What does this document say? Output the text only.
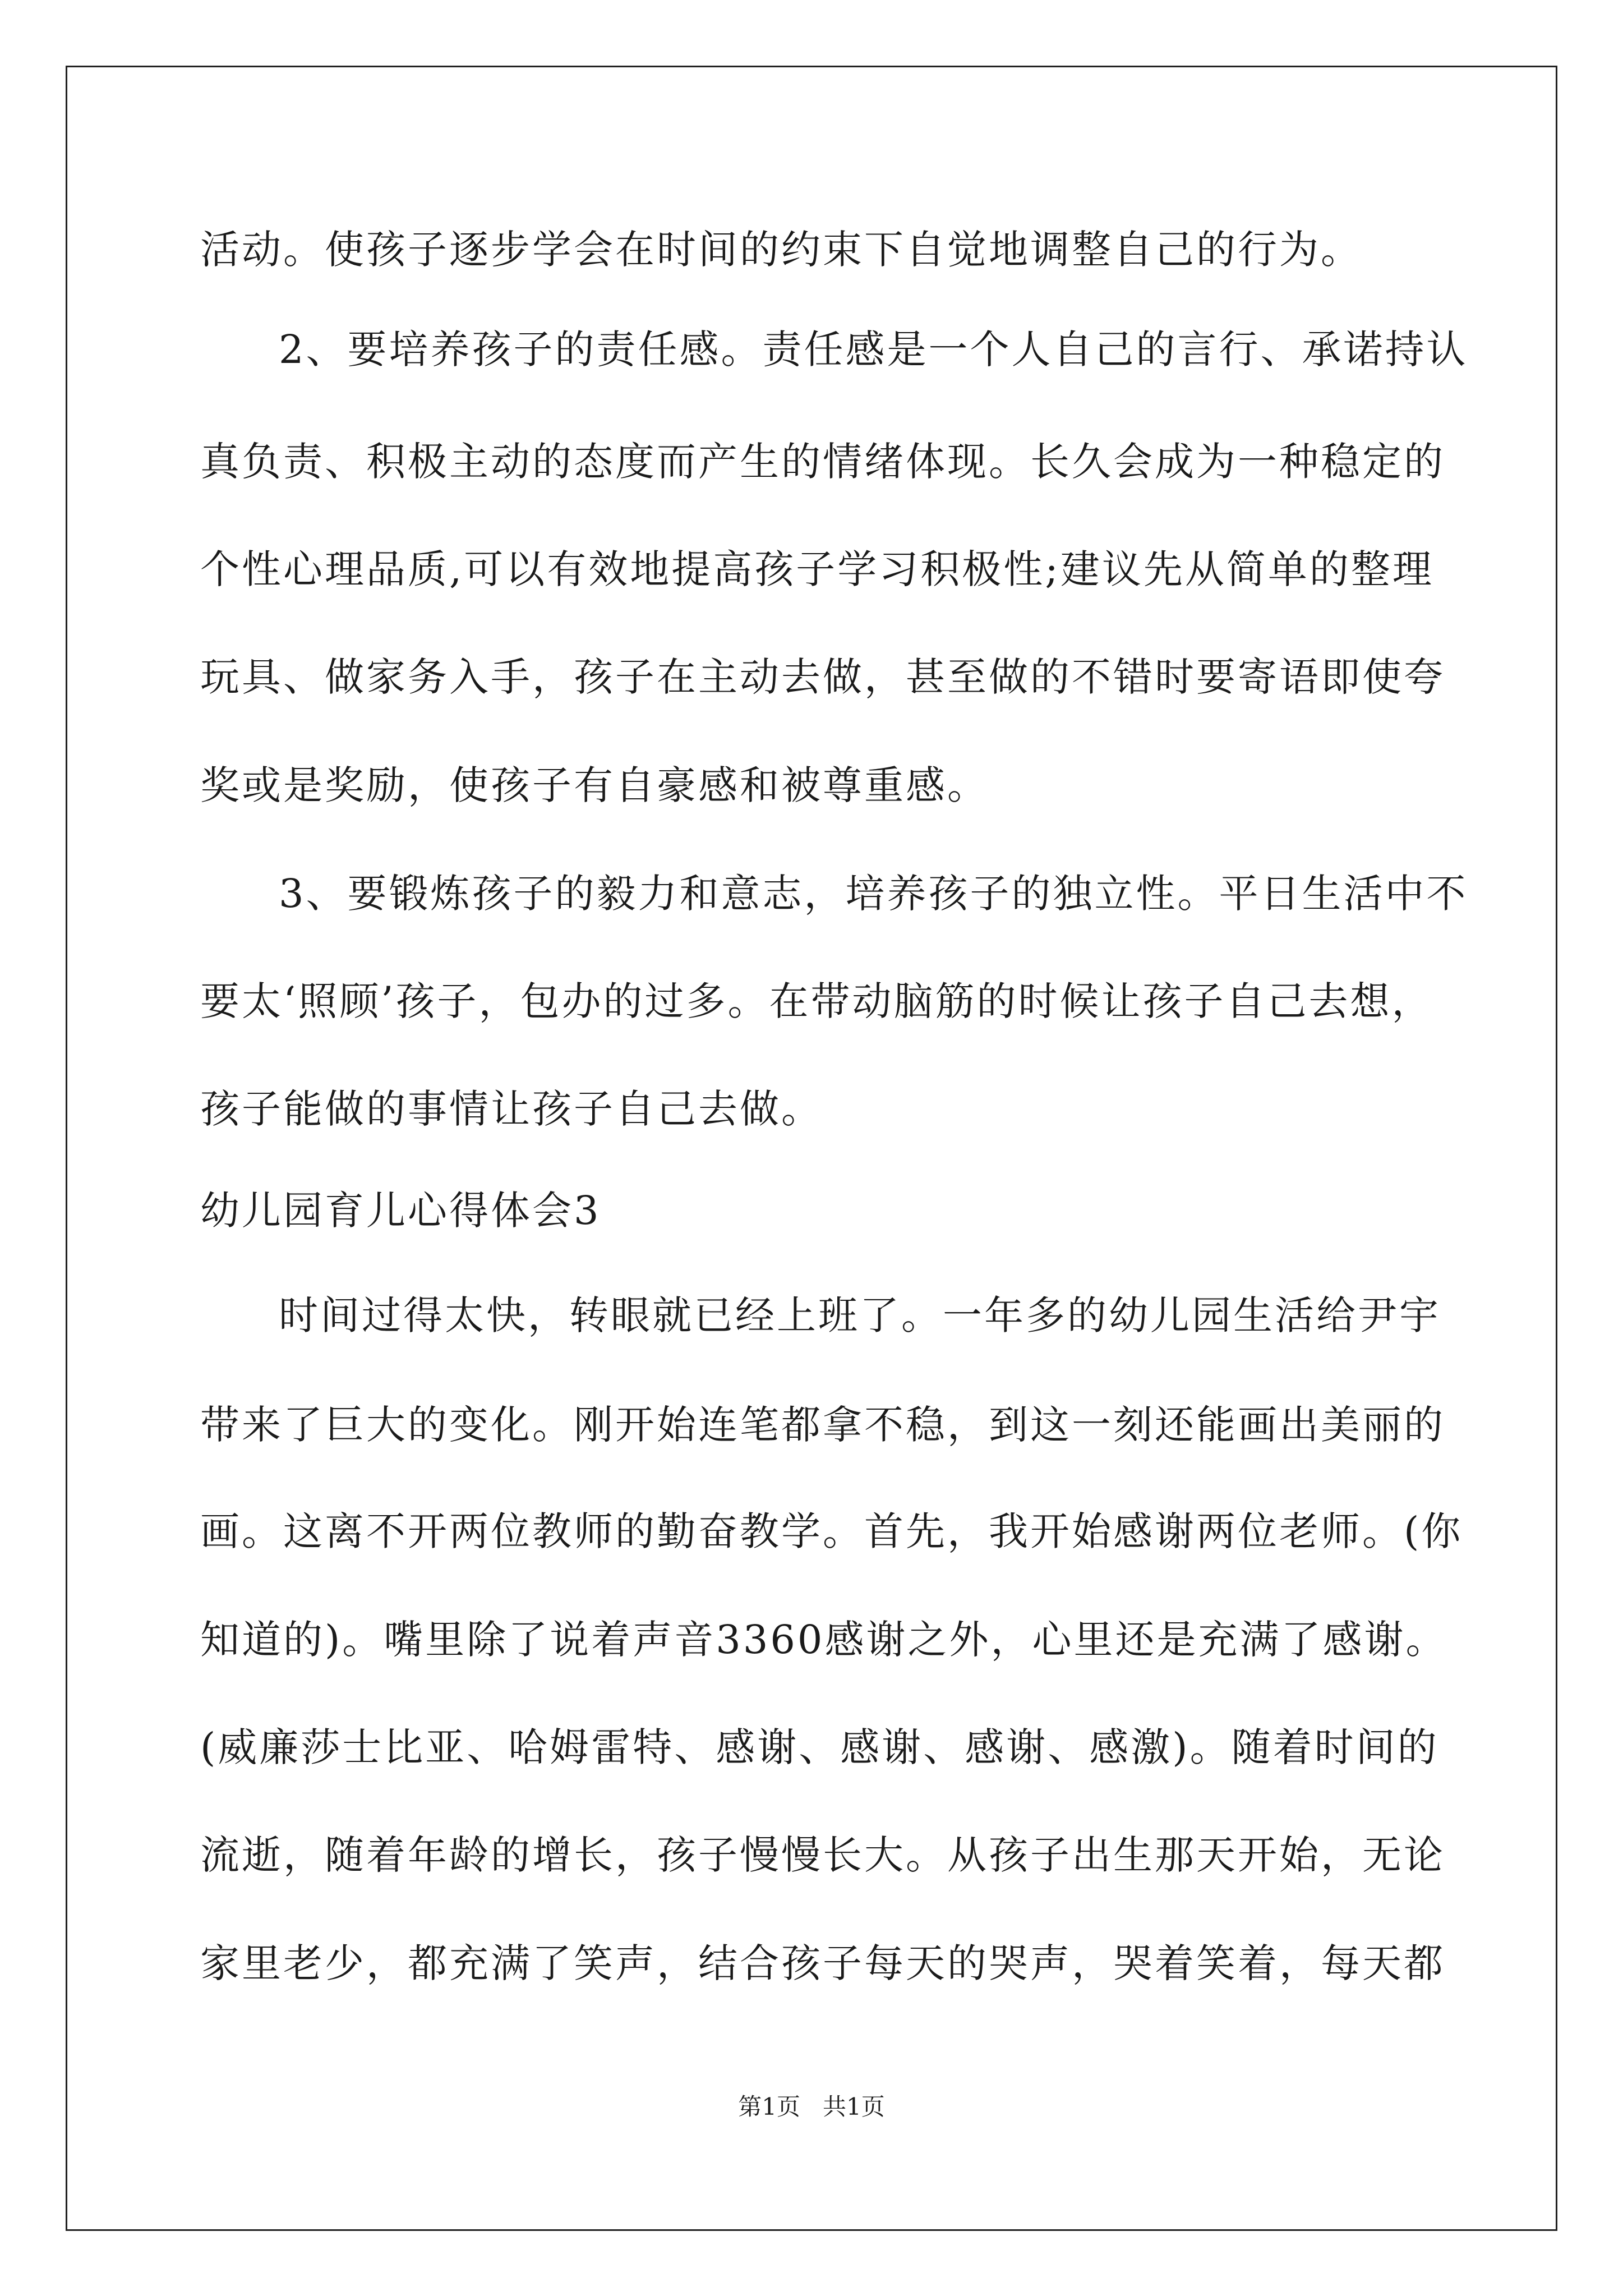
活动。使孩子逐步学会在时间的约束下自觉地调整自己的行为。
2、要培养孩子的责任感。责任感是一个人自己的言行、承诺持认
真负责、积极主动的态度而产生的情绪体现。长久会成为一种稳定的
个性心理品质,可以有效地提高孩子学习积极性;建议先从简单的整理
玩具、做家务入手，孩子在主动去做，甚至做的不错时要寄语即使夸
奖或是奖励，使孩子有自豪感和被尊重感。
3、要锻炼孩子的毅力和意志，培养孩子的独立性。平日生活中不
要太‘照顾’孩子，包办的过多。在带动脑筋的时候让孩子自己去想，
孩子能做的事情让孩子自己去做。
幼儿园育儿心得体会3
时间过得太快，转眼就已经上班了。一年多的幼儿园生活给尹宇
带来了巨大的变化。刚开始连笔都拿不稳，到这一刻还能画出美丽的
画。这离不开两位教师的勤奋教学。首先，我开始感谢两位老师。(你
知道的)。嘴里除了说着声音3360感谢之外，心里还是充满了感谢。
(威廉莎士比亚、哈姆雷特、感谢、感谢、感谢、感激)。随着时间的
流逝，随着年龄的增长，孩子慢慢长大。从孩子出生那天开始，无论
家里老少，都充满了笑声，结合孩子每天的哭声，哭着笑着，每天都
第1页   共1页
